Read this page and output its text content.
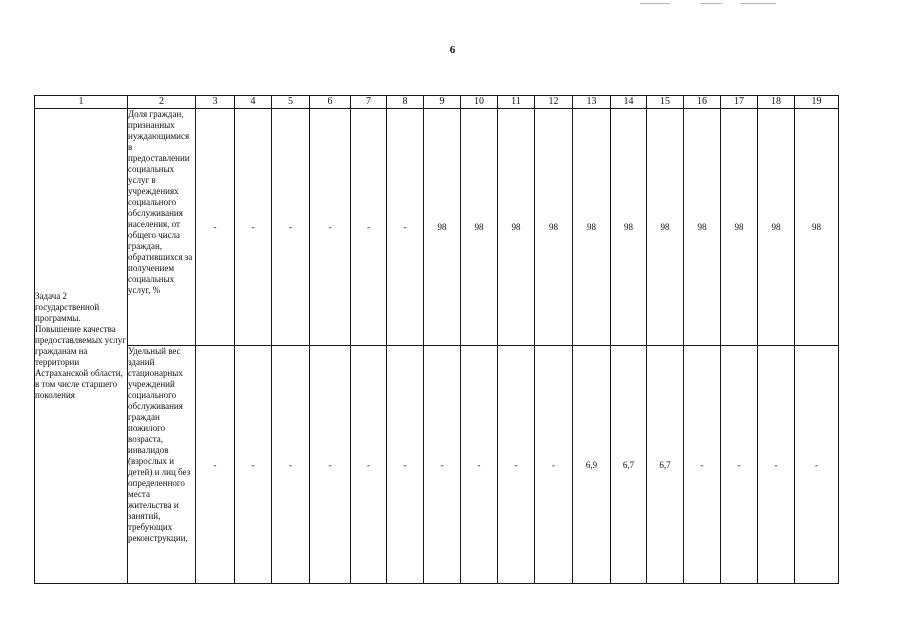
6
1	2	3	4	5	6	7	8	9	10	11	12	13	14	15	16	17	18	19
Задача 2 государственной программы. Повышение качества предоставляемых услуг гражданам на территории Астраханской области, в том числе старшего поколения	Доля граждан, признанных нуждающимися в предоставлении социальных услуг в учреждениях социального обслуживания населения, от общего числа граждан, обратившихся за получением социальных услуг, %	-	-	-	-	-	-	98	98	98	98	98	98	98	98	98	98	98
	Удельный вес зданий стационарных учреждений социального обслуживания граждан пожилого возраста, инвалидов (взрослых и детей) и лиц без определенного места жительства и занятий, требующих реконструкции,	-	-	-	-	-	-	-	-	-	-	6,9	6,7	6,7	-	-	-	-
